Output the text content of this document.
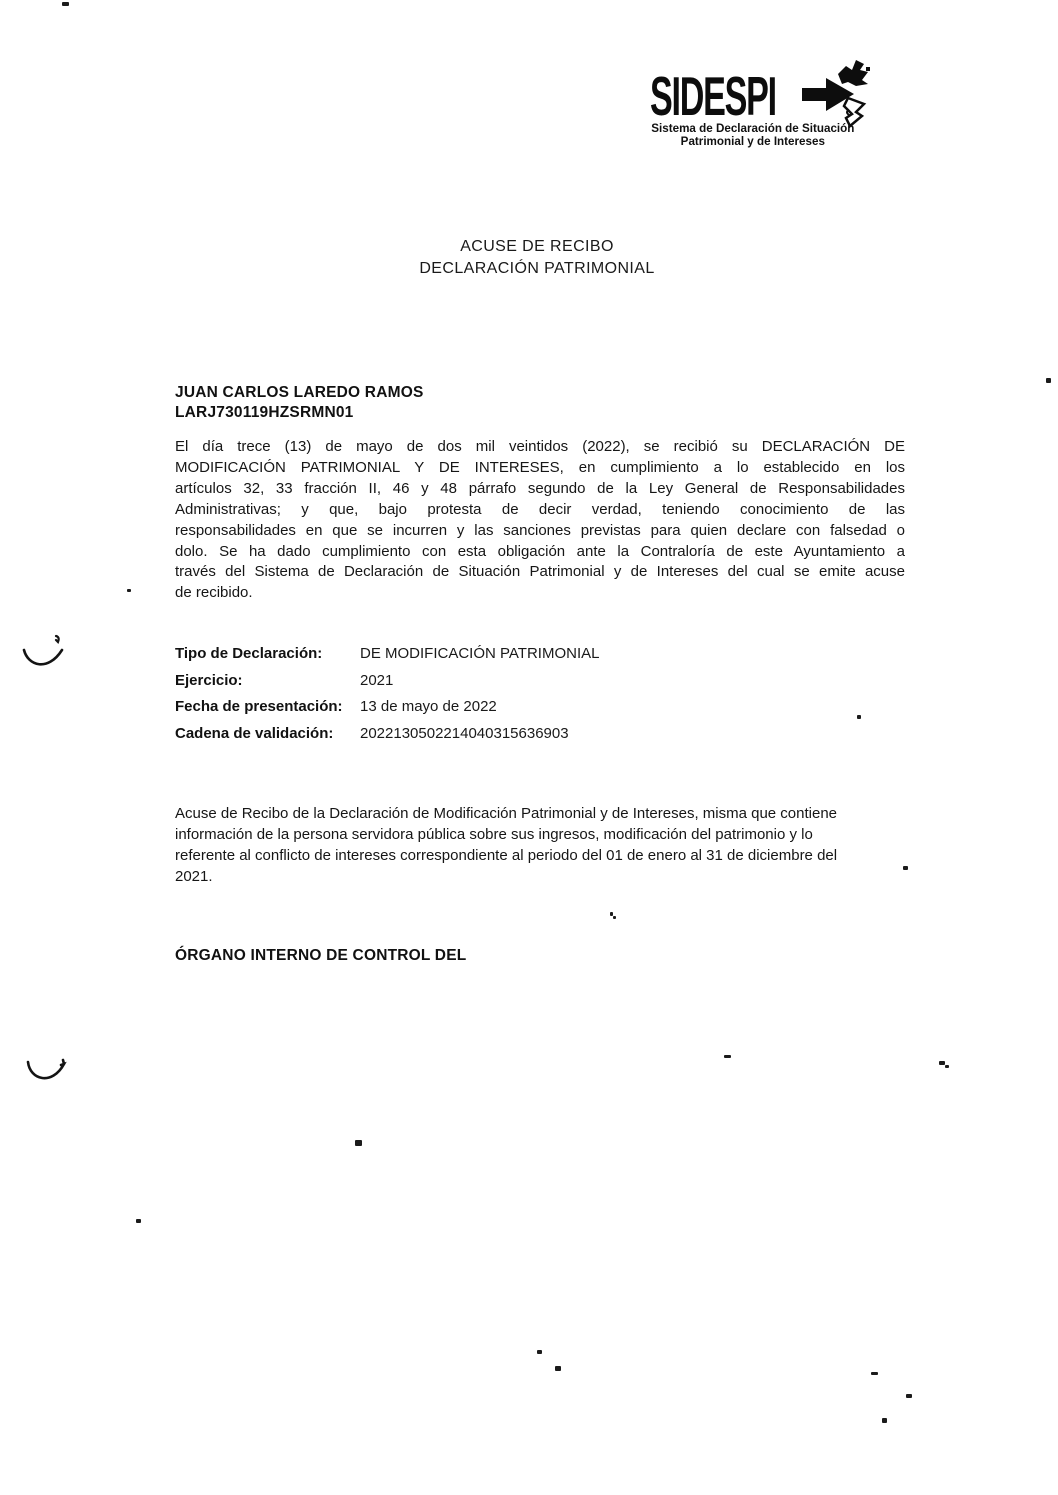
SIDESPI
Sistema de Declaración de Situación
Patrimonial y de Intereses
ACUSE DE RECIBO
DECLARACIÓN PATRIMONIAL
JUAN CARLOS LAREDO RAMOS
LARJ730119HZSRMN01
El día trece (13) de mayo de dos mil veintidos (2022), se recibió su DECLARACIÓN DE
MODIFICACIÓN PATRIMONIAL Y DE INTERESES, en cumplimiento a lo establecido en los
artículos 32, 33 fracción II, 46 y 48 párrafo segundo de la Ley General de Responsabilidades
Administrativas; y que, bajo protesta de decir verdad, teniendo conocimiento de las
responsabilidades en que se incurren y las sanciones previstas para quien declare con falsedad o
dolo. Se ha dado cumplimiento con esta obligación ante la Contraloría de este Ayuntamiento a
través del Sistema de Declaración de Situación Patrimonial y de Intereses del cual se emite acuse
de recibido.
Tipo de Declaración:	DE MODIFICACIÓN PATRIMONIAL
Ejercicio:	2021
Fecha de presentación:	13 de mayo de 2022
Cadena de validación:	2022130502214040315636903
Acuse de Recibo de la Declaración de Modificación Patrimonial y de Intereses, misma que contiene
información de la persona servidora pública sobre sus ingresos, modificación del patrimonio y lo
referente al conflicto de intereses correspondiente al periodo del 01 de enero al 31 de diciembre del
2021.
ÓRGANO INTERNO DE CONTROL DEL
